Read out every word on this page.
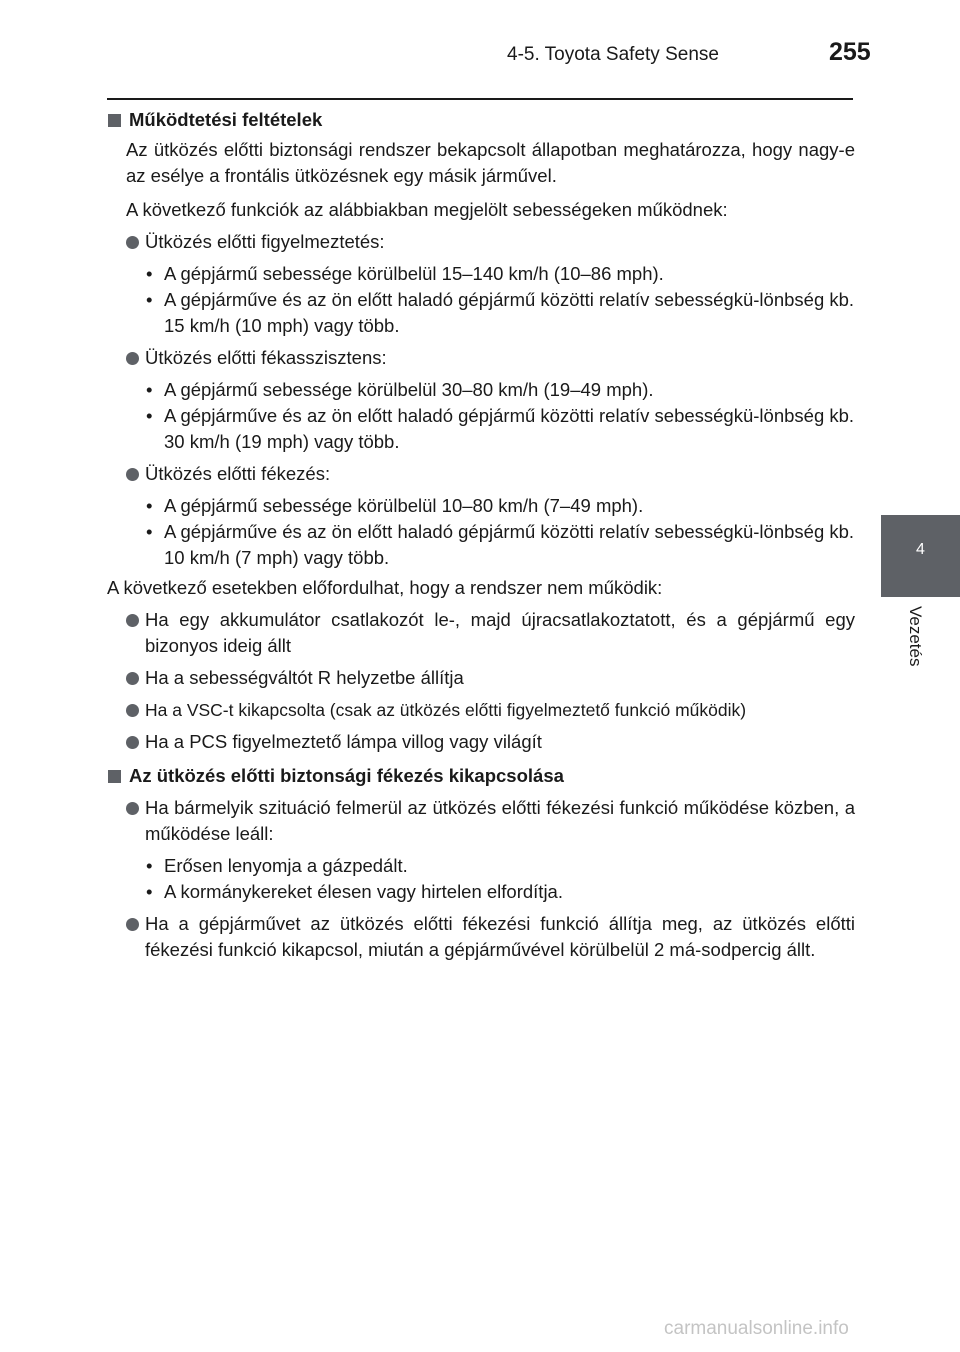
4-5. Toyota Safety Sense	255
4
Vezetés
Működtetési feltételek
Az ütközés előtti biztonsági rendszer bekapcsolt állapotban meghatározza, hogy nagy-e az esélye a frontális ütközésnek egy másik járművel.
A következő funkciók az alábbiakban megjelölt sebességeken működnek:
Ütközés előtti figyelmeztetés:
• A gépjármű sebessége körülbelül 15–140 km/h (10–86 mph).
• A gépjárműve és az ön előtt haladó gépjármű közötti relatív sebességkü-lönbség kb. 15 km/h (10 mph) vagy több.
Ütközés előtti fékasszisztens:
• A gépjármű sebessége körülbelül 30–80 km/h (19–49 mph).
• A gépjárműve és az ön előtt haladó gépjármű közötti relatív sebességkü-lönbség kb. 30 km/h (19 mph) vagy több.
Ütközés előtti fékezés:
• A gépjármű sebessége körülbelül 10–80 km/h (7–49 mph).
• A gépjárműve és az ön előtt haladó gépjármű közötti relatív sebességkü-lönbség kb. 10 km/h (7 mph) vagy több.
A következő esetekben előfordulhat, hogy a rendszer nem működik:
Ha egy akkumulátor csatlakozót le-, majd újracsatlakoztatott, és a gépjármű egy bizonyos ideig állt
Ha a sebességváltót R helyzetbe állítja
Ha a VSC-t kikapcsolta (csak az ütközés előtti figyelmeztető funkció működik)
Ha a PCS figyelmeztető lámpa villog vagy világít
Az ütközés előtti biztonsági fékezés kikapcsolása
Ha bármelyik szituáció felmerül az ütközés előtti fékezési funkció működése közben, a működése leáll:
• Erősen lenyomja a gázpedált.
• A kormánykereket élesen vagy hirtelen elfordítja.
Ha a gépjárművet az ütközés előtti fékezési funkció állítja meg, az ütközés előtti fékezési funkció kikapcsol, miután a gépjárművével körülbelül 2 má-sodpercig állt.
carmanualsonline.info
